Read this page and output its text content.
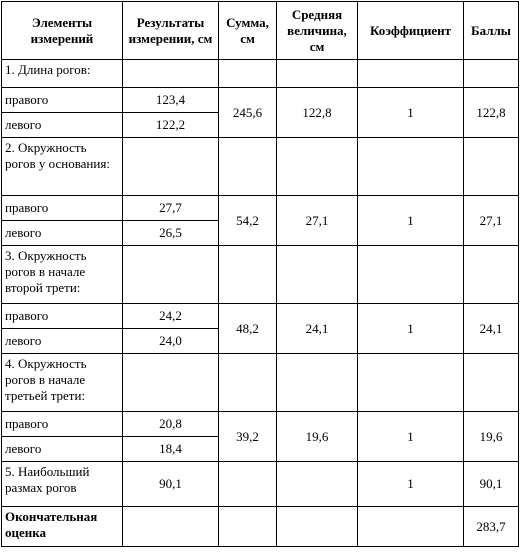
Элементы измерений	Результаты измерении, см	Сумма, см	Средняя величина, см	Коэффициент	Баллы
1. Длина рогов:					
правого	123,4	245,6	122,8	1	122,8
левого	122,2				
2. Окружность рогов у основания:					
правого	27,7	54,2	27,1	1	27,1
левого	26,5				
3. Окружность рогов в начале второй трети:					
правого	24,2	48,2	24,1	1	24,1
левого	24,0				
4. Окружность рогов в начале третьей трети:					
правого	20,8	39,2	19,6	1	19,6
левого	18,4				
5. Наибольший размах рогов	90,1			1	90,1
Окончательная оценка					283,7
